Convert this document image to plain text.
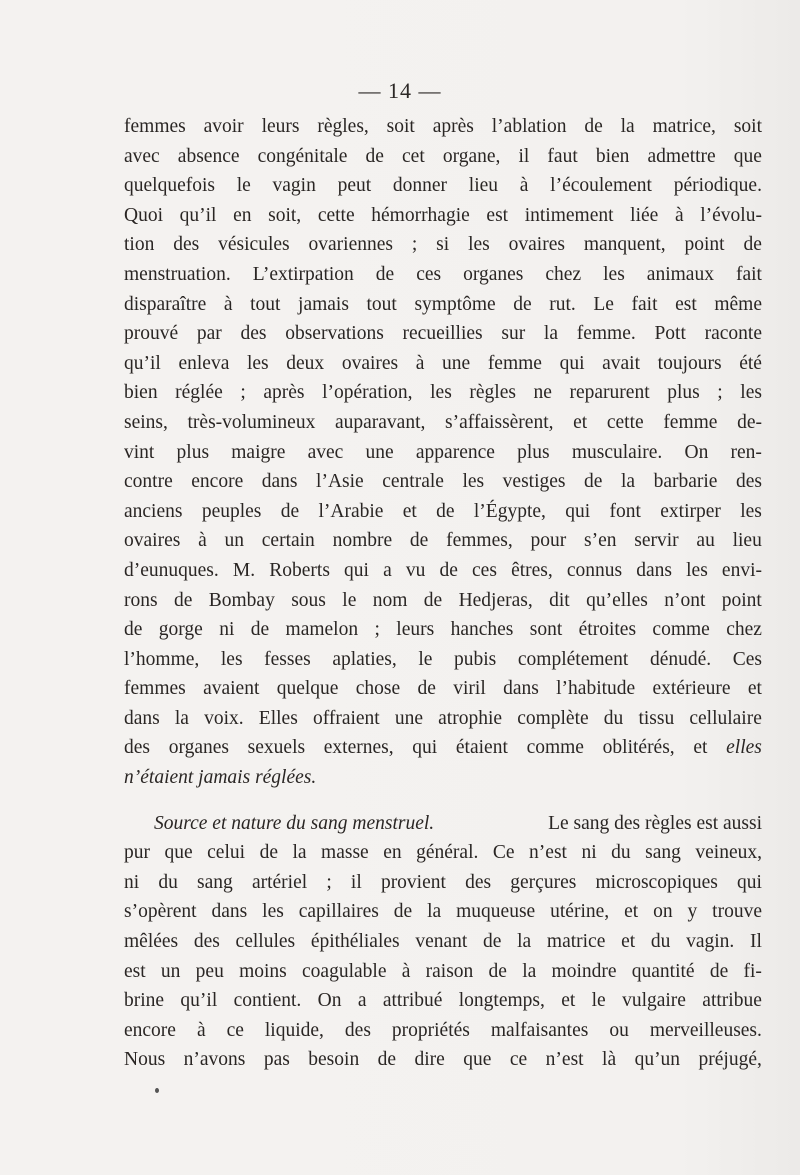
— 14 —
femmes avoir leurs règles, soit après l’ablation de la matrice, soit
avec absence congénitale de cet organe, il faut bien admettre que
quelquefois le vagin peut donner lieu à l’écoulement périodique.
Quoi qu’il en soit, cette hémorrhagie est intimement liée à l’évolu-
tion des vésicules ovariennes ; si les ovaires manquent, point de
menstruation. L’extirpation de ces organes chez les animaux fait
disparaître à tout jamais tout symptôme de rut. Le fait est même
prouvé par des observations recueillies sur la femme. Pott raconte
qu’il enleva les deux ovaires à une femme qui avait toujours été
bien réglée ; après l’opération, les règles ne reparurent plus ; les
seins, très-volumineux auparavant, s’affaissèrent, et cette femme de-
vint plus maigre avec une apparence plus musculaire. On ren-
contre encore dans l’Asie centrale les vestiges de la barbarie des
anciens peuples de l’Arabie et de l’Égypte, qui font extirper les
ovaires à un certain nombre de femmes, pour s’en servir au lieu
d’eunuques. M. Roberts qui a vu de ces êtres, connus dans les envi-
rons de Bombay sous le nom de Hedjeras, dit qu’elles n’ont point
de gorge ni de mamelon ; leurs hanches sont étroites comme chez
l’homme, les fesses aplaties, le pubis complétement dénudé. Ces
femmes avaient quelque chose de viril dans l’habitude extérieure et
dans la voix. Elles offraient une atrophie complète du tissu cellulaire
des organes sexuels externes, qui étaient comme oblitérés, et elles
n’étaient jamais réglées.
Source et nature du sang menstruel.	Le sang des règles est aussi
pur que celui de la masse en général. Ce n’est ni du sang veineux,
ni du sang artériel ; il provient des gerçures microscopiques qui
s’opèrent dans les capillaires de la muqueuse utérine, et on y trouve
mêlées des cellules épithéliales venant de la matrice et du vagin. Il
est un peu moins coagulable à raison de la moindre quantité de fi-
brine qu’il contient. On a attribué longtemps, et le vulgaire attribue
encore à ce liquide, des propriétés malfaisantes ou merveilleuses.
Nous n’avons pas besoin de dire que ce n’est là qu’un préjugé,
